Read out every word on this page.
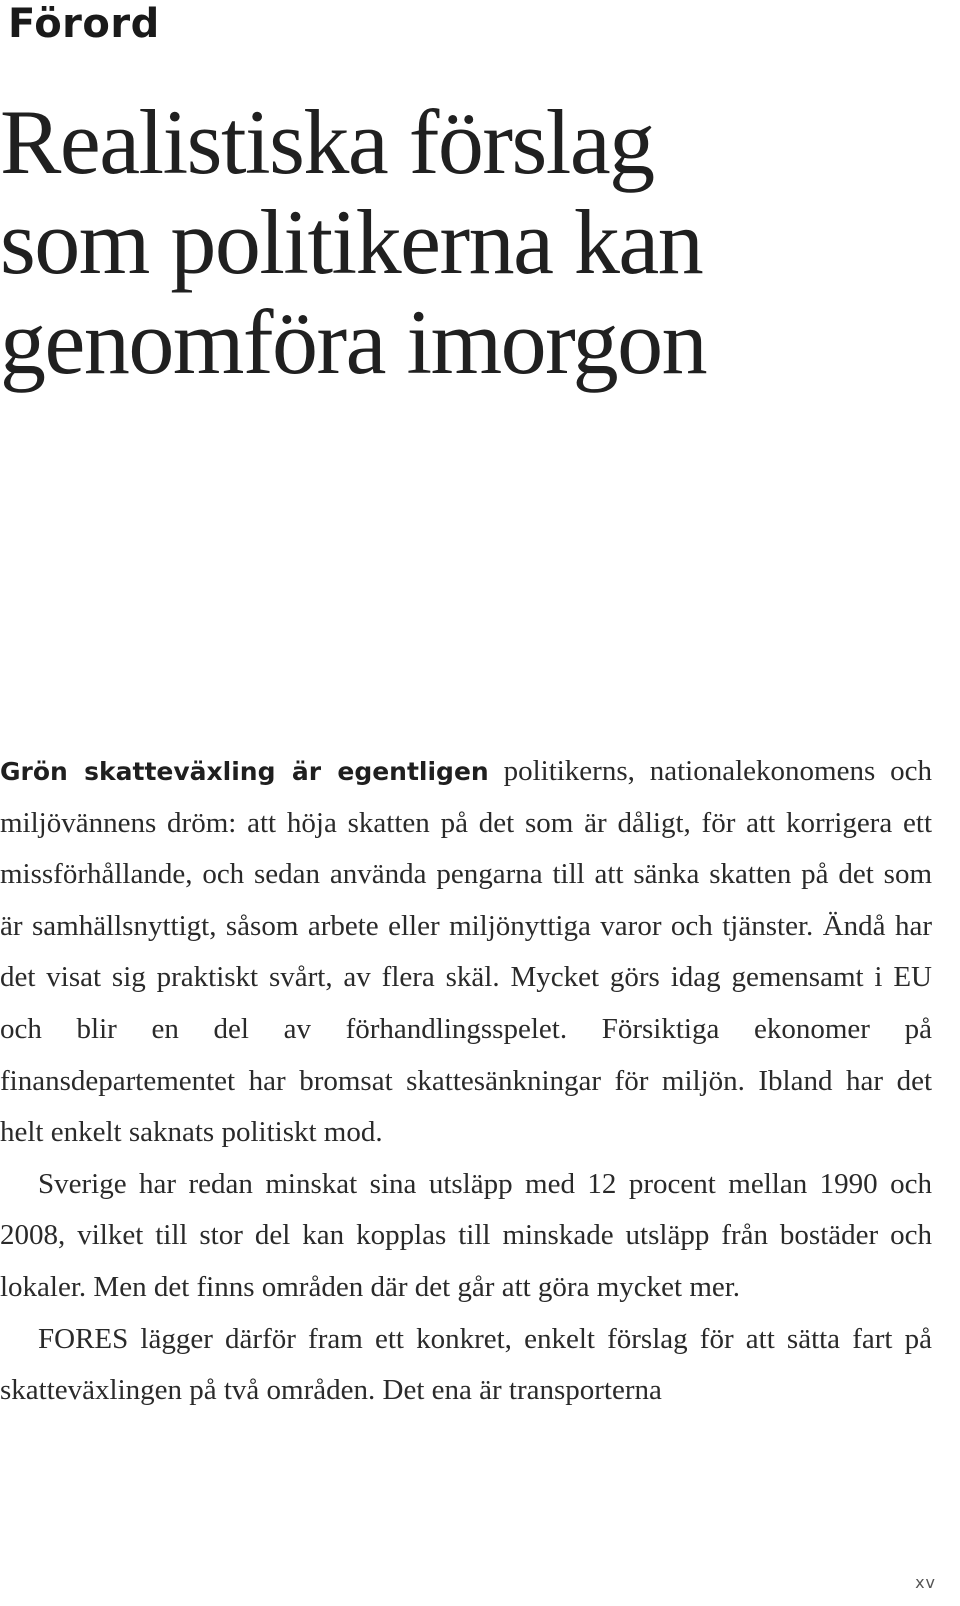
Förord
Realistiska förslag
som politikerna kan
genomföra imorgon

Grön skatteväxling är egentligen politikerns, nationalekonomens och miljövännens dröm: att höja skatten på det som är dåligt, för att korrigera ett missförhållande, och sedan använda pengarna till att sänka skatten på det som är samhällsnyttigt, såsom arbete eller miljönyttiga varor och tjänster. Ändå har det visat sig praktiskt svårt, av flera skäl. Mycket görs idag gemensamt i EU och blir en del av förhandlingsspelet. Försiktiga ekonomer på finansdepartementet har bromsat skattesänkningar för miljön. Ibland har det helt enkelt saknats politiskt mod.

Sverige har redan minskat sina utsläpp med 12 procent mellan 1990 och 2008, vilket till stor del kan kopplas till minskade utsläpp från bostäder och lokaler. Men det finns områden där det går att göra mycket mer.

FORES lägger därför fram ett konkret, enkelt förslag för att sätta fart på skatteväxlingen på två områden. Det ena är transporterna

xv
